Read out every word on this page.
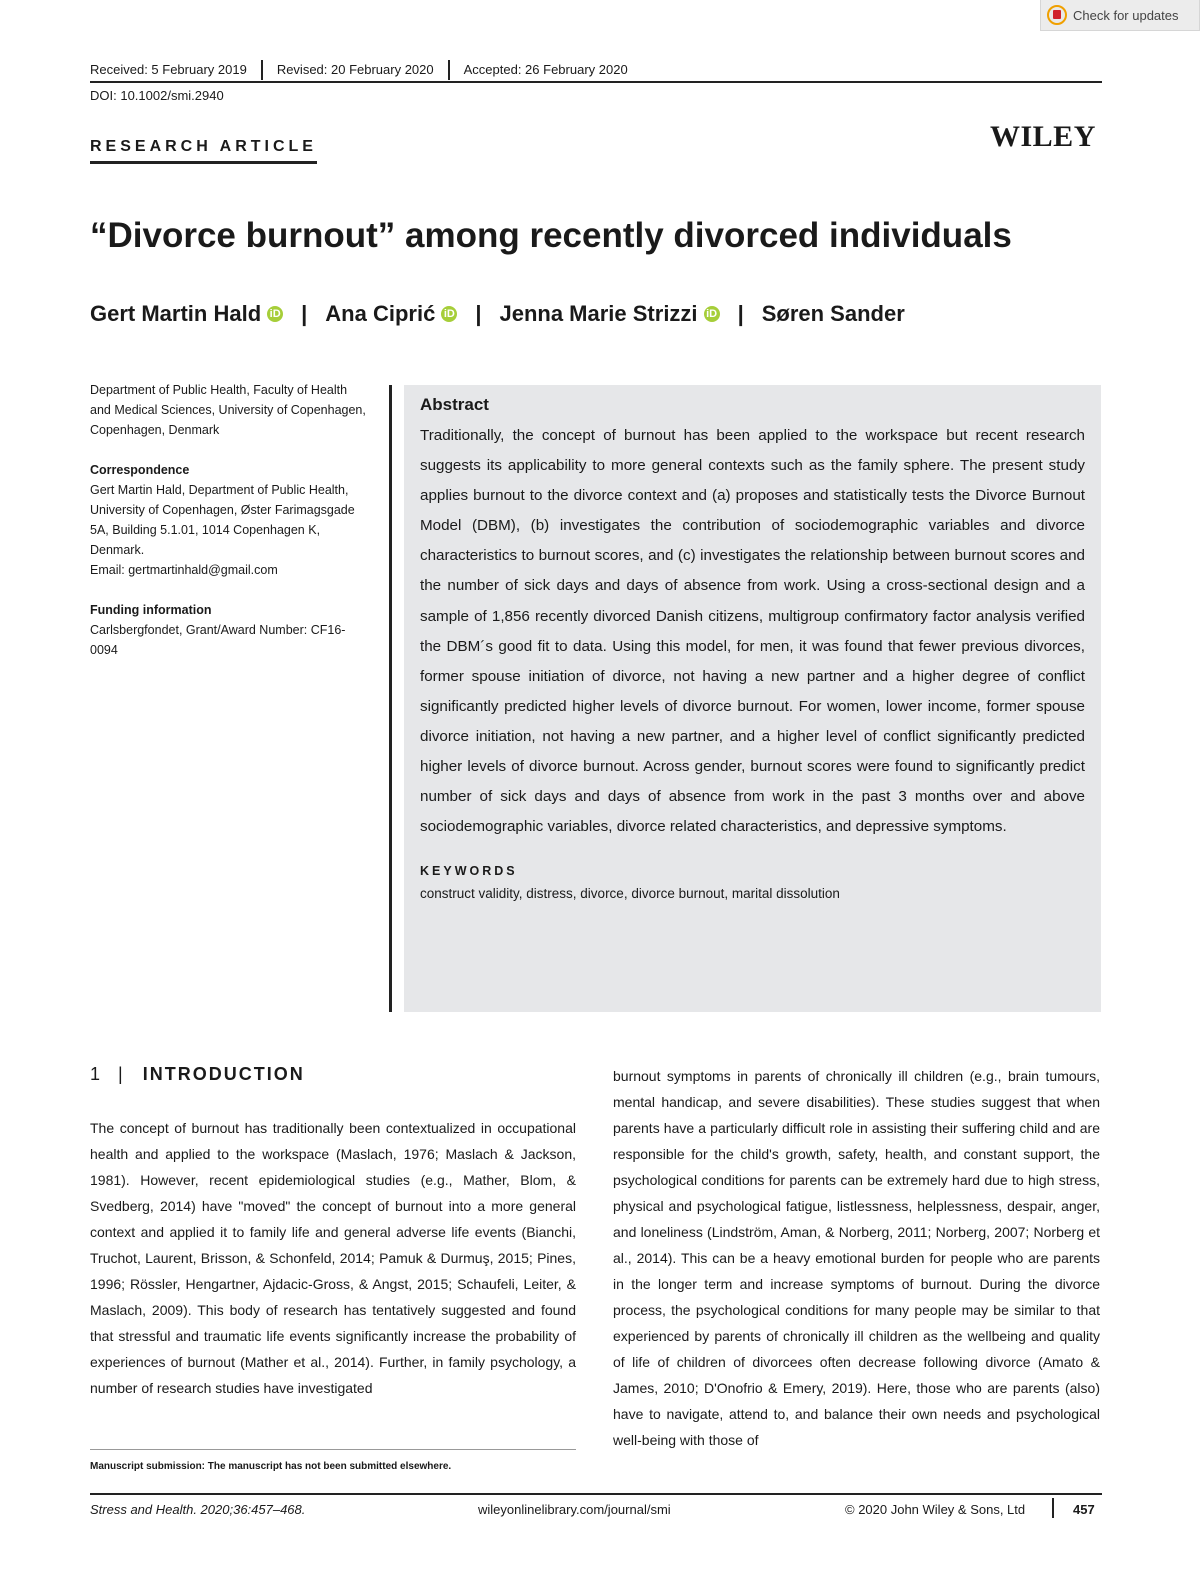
Check for updates
Received: 5 February 2019	Revised: 20 February 2020	Accepted: 26 February 2020
DOI: 10.1002/smi.2940
RESEARCH ARTICLE	WILEY
“Divorce burnout” among recently divorced individuals
Gert Martin Hald iD | Ana Ciprić iD | Jenna Marie Strizzi iD | Søren Sander
Department of Public Health, Faculty of Health and Medical Sciences, University of Copenhagen, Copenhagen, Denmark
Correspondence
Gert Martin Hald, Department of Public Health, University of Copenhagen, Øster Farimagsgade 5A, Building 5.1.01, 1014 Copenhagen K, Denmark.
Email: gertmartinhald@gmail.com
Funding information
Carlsbergfondet, Grant/Award Number: CF16-0094
Abstract

Traditionally, the concept of burnout has been applied to the workspace but recent research suggests its applicability to more general contexts such as the family sphere. The present study applies burnout to the divorce context and (a) proposes and statistically tests the Divorce Burnout Model (DBM), (b) investigates the contribution of sociodemographic variables and divorce characteristics to burnout scores, and (c) investigates the relationship between burnout scores and the number of sick days and days of absence from work. Using a cross-sectional design and a sample of 1,856 recently divorced Danish citizens, multigroup confirmatory factor analysis verified the DBM´s good fit to data. Using this model, for men, it was found that fewer previous divorces, former spouse initiation of divorce, not having a new partner and a higher degree of conflict significantly predicted higher levels of divorce burnout. For women, lower income, former spouse divorce initiation, not having a new partner, and a higher level of conflict significantly predicted higher levels of divorce burnout. Across gender, burnout scores were found to significantly predict number of sick days and days of absence from work in the past 3 months over and above sociodemographic variables, divorce related characteristics, and depressive symptoms.

KEYWORDS
construct validity, distress, divorce, divorce burnout, marital dissolution
1 | INTRODUCTION

The concept of burnout has traditionally been contextualized in occupational health and applied to the workspace (Maslach, 1976; Maslach & Jackson, 1981). However, recent epidemiological studies (e.g., Mather, Blom, & Svedberg, 2014) have "moved" the concept of burnout into a more general context and applied it to family life and general adverse life events (Bianchi, Truchot, Laurent, Brisson, & Schonfeld, 2014; Pamuk & Durmuş, 2015; Pines, 1996; Rössler, Hengartner, Ajdacic-Gross, & Angst, 2015; Schaufeli, Leiter, & Maslach, 2009). This body of research has tentatively suggested and found that stressful and traumatic life events significantly increase the probability of experiences of burnout (Mather et al., 2014). Further, in family psychology, a number of research studies have investigated

burnout symptoms in parents of chronically ill children (e.g., brain tumours, mental handicap, and severe disabilities). These studies suggest that when parents have a particularly difficult role in assisting their suffering child and are responsible for the child's growth, safety, health, and constant support, the psychological conditions for parents can be extremely hard due to high stress, physical and psychological fatigue, listlessness, helplessness, despair, anger, and loneliness (Lindström, Aman, & Norberg, 2011; Norberg, 2007; Norberg et al., 2014). This can be a heavy emotional burden for people who are parents in the longer term and increase symptoms of burnout. During the divorce process, the psychological conditions for many people may be similar to that experienced by parents of chronically ill children as the wellbeing and quality of life of children of divorcees often decrease following divorce (Amato & James, 2010; D'Onofrio & Emery, 2019). Here, those who are parents (also) have to navigate, attend to, and balance their own needs and psychological well-being with those of

Manuscript submission: The manuscript has not been submitted elsewhere.
Stress and Health. 2020;36:457–468.	wileyonlinelibrary.com/journal/smi	© 2020 John Wiley & Sons, Ltd	457
